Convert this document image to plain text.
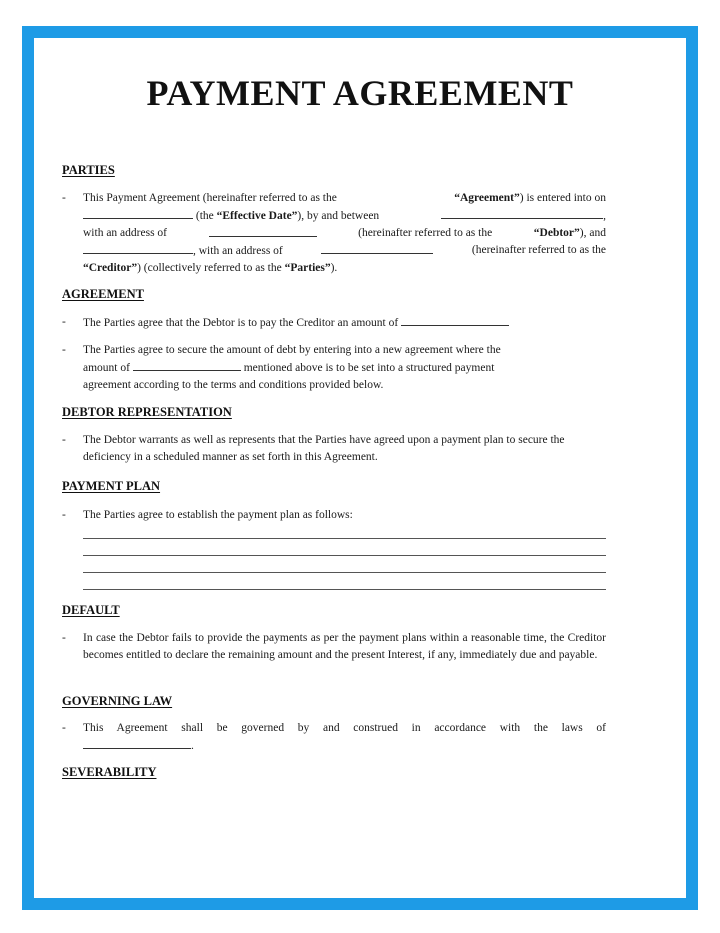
PAYMENT AGREEMENT
PARTIES
- This Payment Agreement (hereinafter referred to as the	“Agreement”) is entered into on
(the “Effective Date”), by and between	,
with an address of	(hereinafter referred to as the	“Debtor”), and
, with an address of	(hereinafter referred to as the
“Creditor”) (collectively referred to as the “Parties”).
AGREEMENT
- The Parties agree that the Debtor is to pay the Creditor an amount of
- The Parties agree to secure the amount of debt by entering into a new agreement where the
amount of	mentioned above is to be set into a structured payment
agreement according to the terms and conditions provided below.
DEBTOR REPRESENTATION
- The Debtor warrants as well as represents that the Parties have agreed upon a payment plan to secure the deficiency in a scheduled manner as set forth in this Agreement.
PAYMENT PLAN
- The Parties agree to establish the payment plan as follows:
DEFAULT
- In case the Debtor fails to provide the payments as per the payment plans within a reasonable time, the Creditor becomes entitled to declare the remaining amount and the present Interest, if any, immediately due and payable.
GOVERNING LAW
- This Agreement shall be governed by and construed in accordance with the laws of
.
SEVERABILITY
